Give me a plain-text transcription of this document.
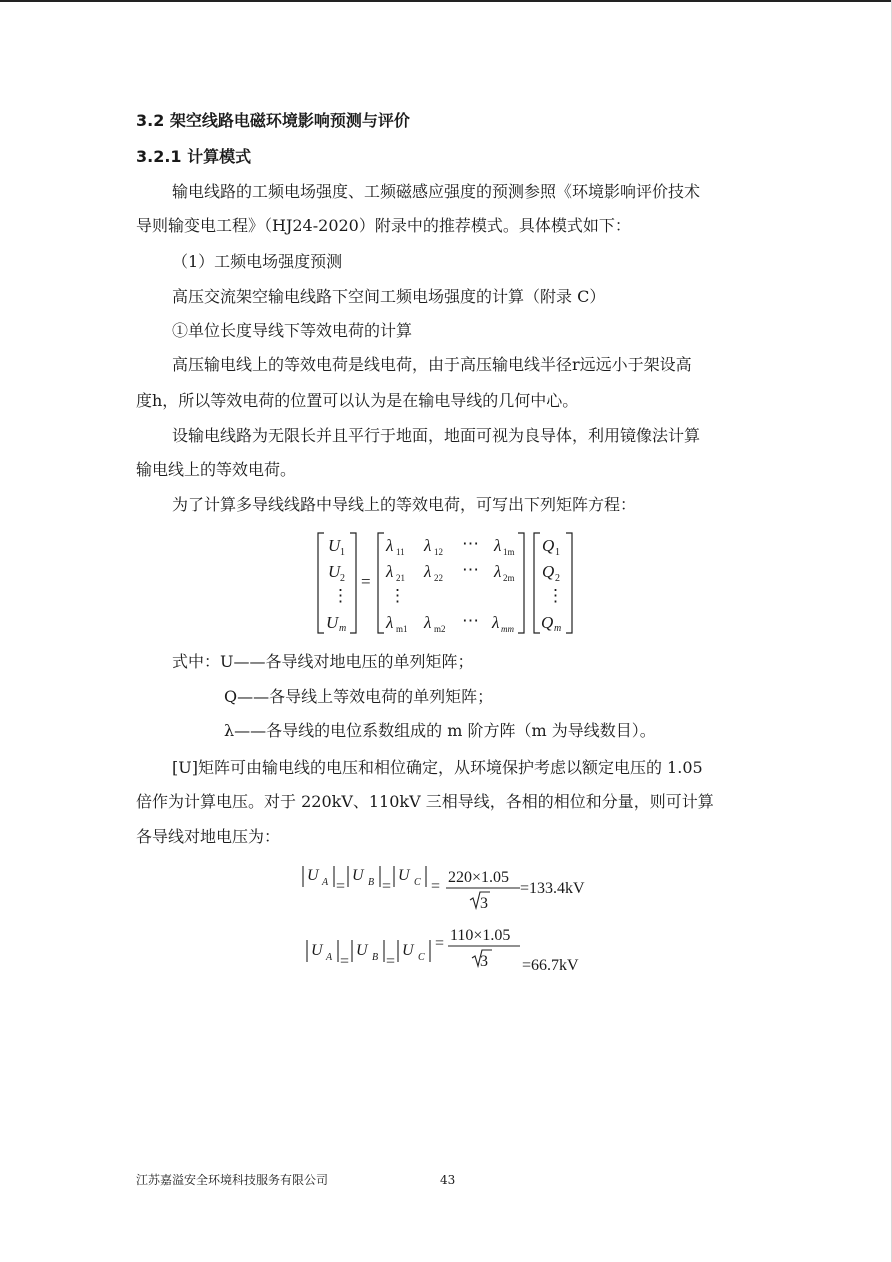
3.2 架空线路电磁环境影响预测与评价
3.2.1 计算模式
输电线路的工频电场强度、工频磁感应强度的预测参照《环境影响评价技术
导则输变电工程》（HJ24-2020）附录中的推荐模式。具体模式如下：
（1）工频电场强度预测
高压交流架空输电线路下空间工频电场强度的计算（附录 C）
①单位长度导线下等效电荷的计算
高压输电线上的等效电荷是线电荷，由于高压输电线半径r远远小于架设高
度h，所以等效电荷的位置可以认为是在输电导线的几何中心。
设输电线路为无限长并且平行于地面，地面可视为良导体，利用镜像法计算
输电线上的等效电荷。
为了计算多导线线路中导线上的等效电荷，可写出下列矩阵方程：
U 1
U 2
⋮
U m
=
λ 11 λ 12 ⋯ λ 1m
λ 21 λ 22 ⋯ λ 2m
⋮
λ m1 λ m2 ⋯ λ mm
Q 1
Q 2
⋮
Q m
式中：U——各导线对地电压的单列矩阵；
Q——各导线上等效电荷的单列矩阵；
λ——各导线的电位系数组成的 m 阶方阵（m 为导线数目）。
[U]矩阵可由输电线的电压和相位确定，从环境保护考虑以额定电压的 1.05
倍作为计算电压。对于 220kV、110kV 三相导线，各相的相位和分量，则可计算
各导线对地电压为：
U A =
U B =
U C =
220×1.05
3
=133.4kV
U A =
U B =
U C
= 110×1.05
3 =66.7kV
江苏嘉溢安全环境科技服务有限公司	43
